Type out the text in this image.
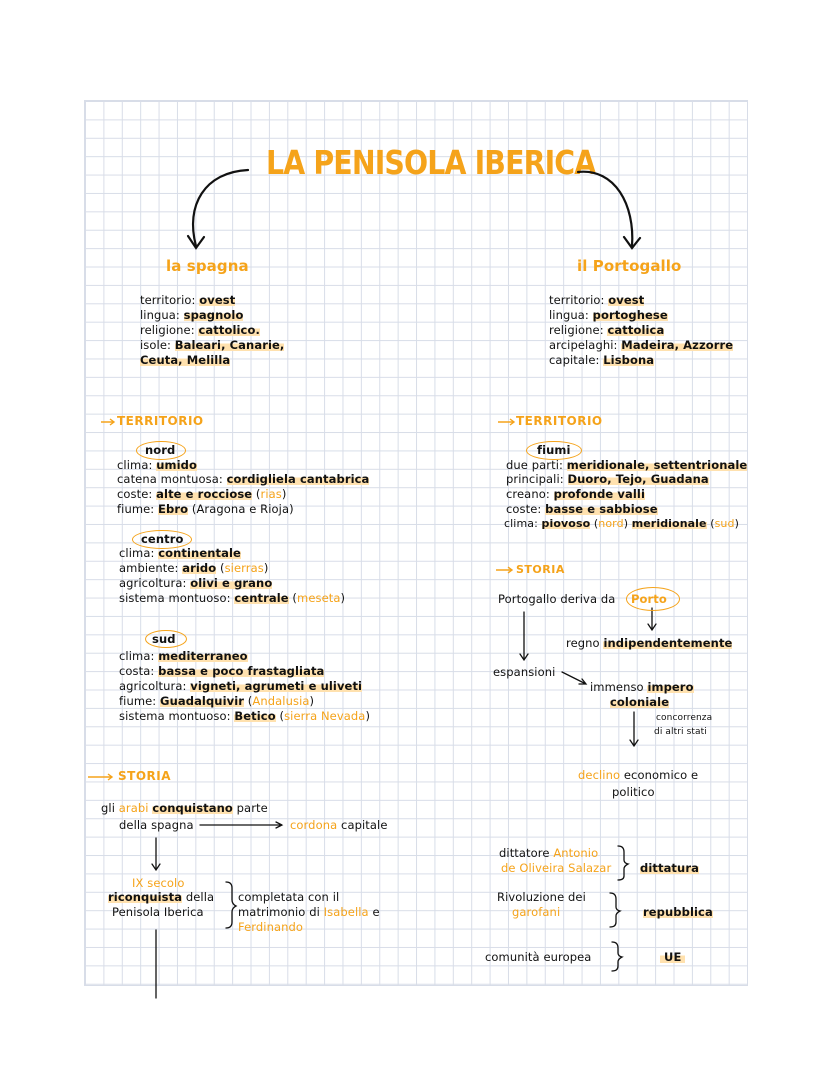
LA PENISOLA IBERICA
la spagna
territorio: ovest
lingua: spagnolo
religione: cattolico.
isole: Baleari, Canarie,
Ceuta, Melilla
TERRITORIO
nord
clima: umido
catena montuosa: cordigliela cantabrica
coste: alte e rocciose (rias)
fiume: Ebro (Aragona e Rioja)
centro
clima: continentale
ambiente: arido (sierras)
agricoltura: olivi e grano
sistema montuoso: centrale (meseta)
sud
clima: mediterraneo
costa: bassa e poco frastagliata
agricoltura: vigneti, agrumeti e uliveti
fiume: Guadalquivir (Andalusia)
sistema montuoso: Betico (sierra Nevada)
STORIA
gli arabi conquistano parte
della spagna	cordona capitale
IX secolo
riconquista della
Penisola Iberica
completata con il
matrimonio di Isabella e
Ferdinando
il Portogallo
territorio: ovest
lingua: portoghese
religione: cattolica
arcipelaghi: Madeira, Azzorre
capitale: Lisbona
TERRITORIO
fiumi
due parti: meridionale, settentrionale
principali: Duoro, Tejo, Guadana
creano: profonde valli
coste: basse e sabbiose
clima: piovoso (nord) meridionale (sud)
STORIA
Portogallo deriva da Porto
regno indipendentemente
espansioni
immenso impero
coloniale
concorrenza
di altri stati
declino economico e
politico
dittatore Antonio
de Oliveira Salazar dittatura
Rivoluzione dei
garofani	repubblica
comunità europea	UE
